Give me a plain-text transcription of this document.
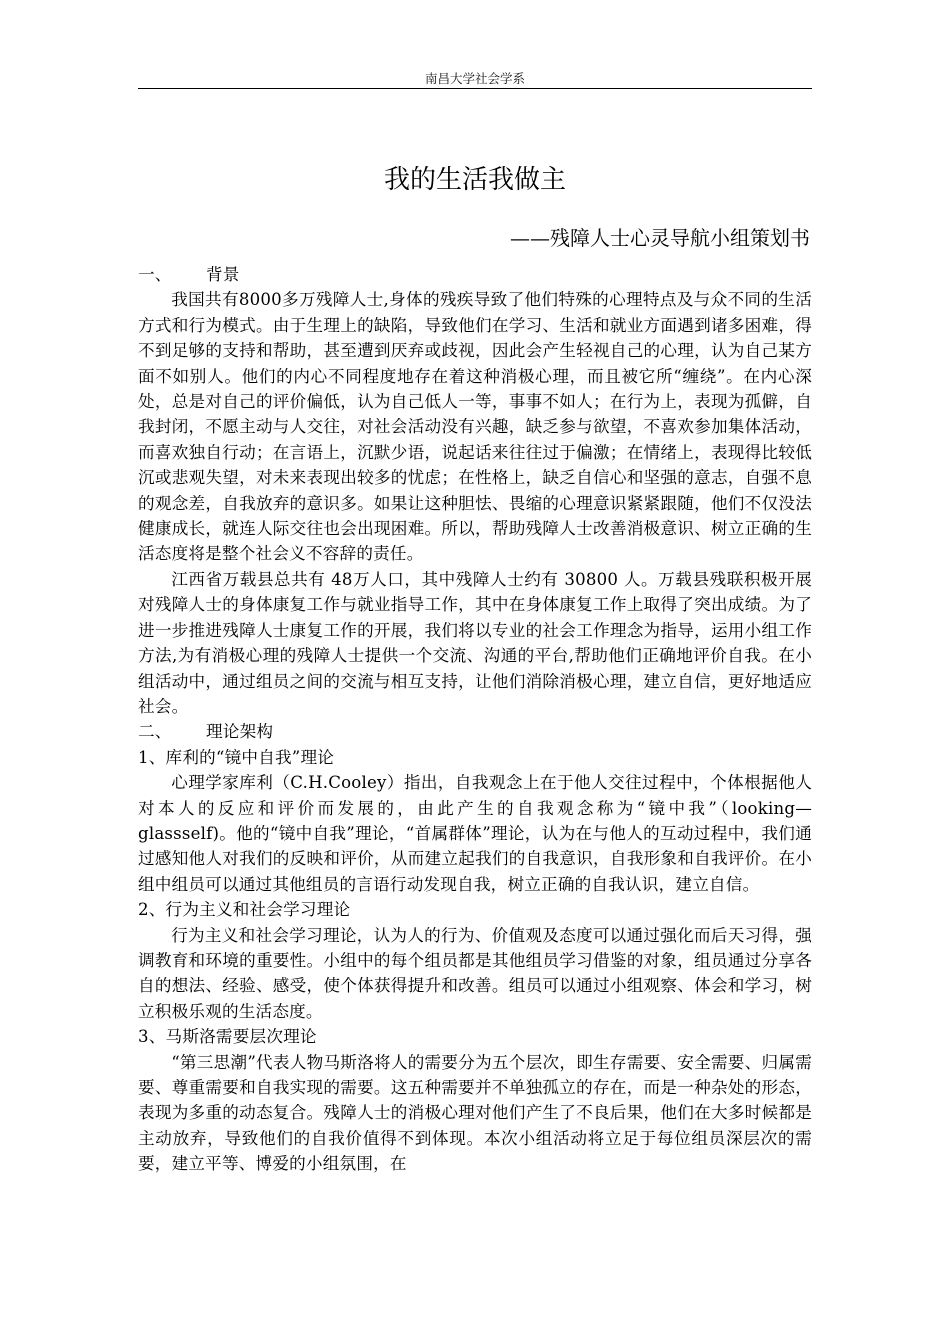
南昌大学社会学系
我的生活我做主
——残障人士心灵导航小组策划书
一、 背景

我国共有8000多万残障人士,身体的残疾导致了他们特殊的心理特点及与众不同的生活方式和行为模式。由于生理上的缺陷，导致他们在学习、生活和就业方面遇到诸多困难，得不到足够的支持和帮助，甚至遭到厌弃或歧视，因此会产生轻视自己的心理，认为自己某方面不如别人。他们的内心不同程度地存在着这种消极心理，而且被它所“缠绕”。在内心深处，总是对自己的评价偏低，认为自己低人一等，事事不如人；在行为上，表现为孤僻，自我封闭，不愿主动与人交往，对社会活动没有兴趣，缺乏参与欲望，不喜欢参加集体活动，而喜欢独自行动；在言语上，沉默少语，说起话来往往过于偏激；在情绪上，表现得比较低沉或悲观失望，对未来表现出较多的忧虑；在性格上，缺乏自信心和坚强的意志，自强不息的观念差，自我放弃的意识多。如果让这种胆怯、畏缩的心理意识紧紧跟随，他们不仅没法健康成长，就连人际交往也会出现困难。所以，帮助残障人士改善消极意识、树立正确的生活态度将是整个社会义不容辞的责任。

江西省万载县总共有 48万人口，其中残障人士约有 30800 人。万载县残联积极开展对残障人士的身体康复工作与就业指导工作，其中在身体康复工作上取得了突出成绩。为了进一步推进残障人士康复工作的开展，我们将以专业的社会工作理念为指导，运用小组工作方法,为有消极心理的残障人士提供一个交流、沟通的平台,帮助他们正确地评价自我。在小组活动中，通过组员之间的交流与相互支持，让他们消除消极心理，建立自信，更好地适应社会。

二、 理论架构
1、库利的“镜中自我”理论

心理学家库利（C.H.Cooley）指出，自我观念上在于他人交往过程中，个体根据他人对本人的反应和评价而发展的，由此产生的自我观念称为“镜中我”（looking—glassself)。他的“镜中自我”理论，“首属群体”理论，认为在与他人的互动过程中，我们通过感知他人对我们的反映和评价，从而建立起我们的自我意识，自我形象和自我评价。在小组中组员可以通过其他组员的言语行动发现自我，树立正确的自我认识，建立自信。

2、行为主义和社会学习理论

行为主义和社会学习理论，认为人的行为、价值观及态度可以通过强化而后天习得，强调教育和环境的重要性。小组中的每个组员都是其他组员学习借鉴的对象，组员通过分享各自的想法、经验、感受，使个体获得提升和改善。组员可以通过小组观察、体会和学习，树立积极乐观的生活态度。

3、马斯洛需要层次理论

“第三思潮”代表人物马斯洛将人的需要分为五个层次，即生存需要、安全需要、归属需要、尊重需要和自我实现的需要。这五种需要并不单独孤立的存在，而是一种杂处的形态，表现为多重的动态复合。残障人士的消极心理对他们产生了不良后果，他们在大多时候都是主动放弃，导致他们的自我价值得不到体现。本次小组活动将立足于每位组员深层次的需要，建立平等、博爱的小组氛围，在
